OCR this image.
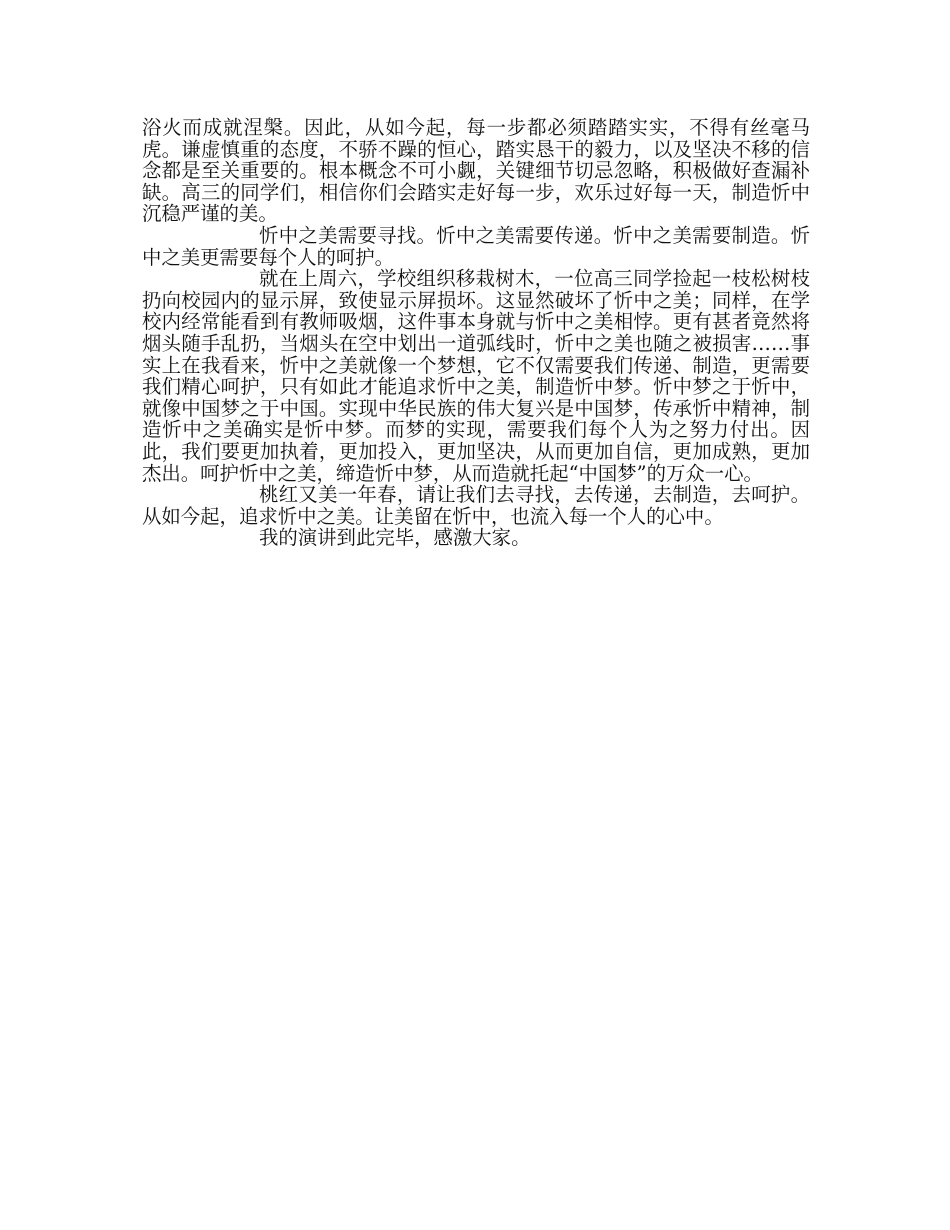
浴火而成就涅槃。因此，从如今起，每一步都必须踏踏实实，不得有丝毫马虎。谦虚慎重的态度，不骄不躁的恒心，踏实恳干的毅力，以及坚决不移的信念都是至关重要的。根本概念不可小觑，关键细节切忌忽略，积极做好查漏补缺。高三的同学们，相信你们会踏实走好每一步，欢乐过好每一天，制造忻中沉稳严谨的美。

忻中之美需要寻找。忻中之美需要传递。忻中之美需要制造。忻中之美更需要每个人的呵护。

就在上周六，学校组织移栽树木，一位高三同学捡起一枝松树枝扔向校园内的显示屏，致使显示屏损坏。这显然破坏了忻中之美；同样，在学校内经常能看到有教师吸烟，这件事本身就与忻中之美相悖。更有甚者竟然将烟头随手乱扔，当烟头在空中划出一道弧线时，忻中之美也随之被损害……事实上在我看来，忻中之美就像一个梦想，它不仅需要我们传递、制造，更需要我们精心呵护，只有如此才能追求忻中之美，制造忻中梦。忻中梦之于忻中，就像中国梦之于中国。实现中华民族的伟大复兴是中国梦，传承忻中精神，制造忻中之美确实是忻中梦。而梦的实现，需要我们每个人为之努力付出。因此，我们要更加执着，更加投入，更加坚决，从而更加自信，更加成熟，更加杰出。呵护忻中之美，缔造忻中梦，从而造就托起“中国梦”的万众一心。

桃红又美一年春，请让我们去寻找，去传递，去制造，去呵护。从如今起，追求忻中之美。让美留在忻中，也流入每一个人的心中。

我的演讲到此完毕，感激大家。
